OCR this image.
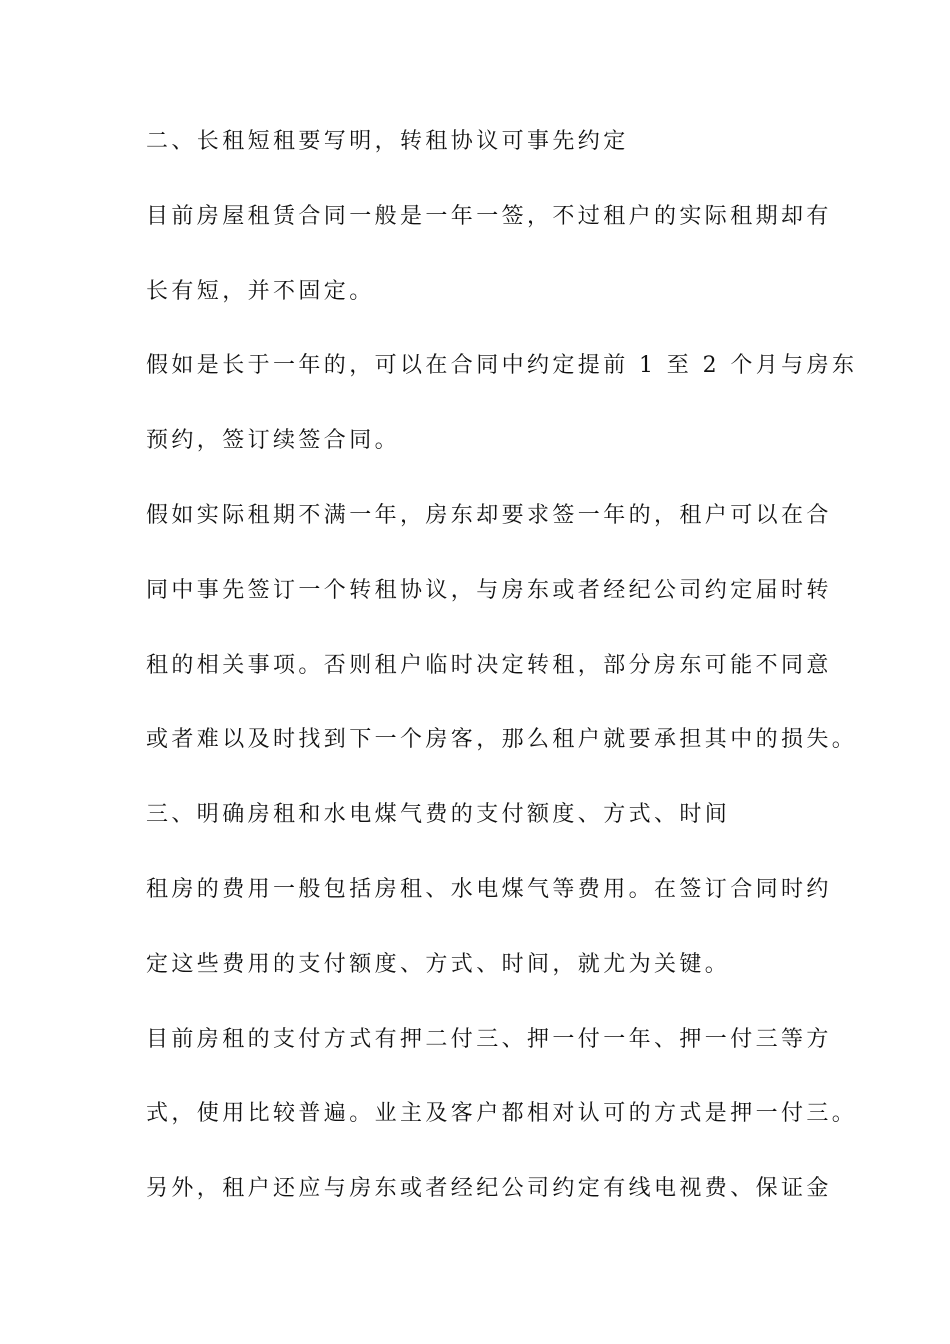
二、长租短租要写明，转租协议可事先约定
目前房屋租赁合同一般是一年一签，不过租户的实际租期却有
长有短，并不固定。
假如是长于一年的，可以在合同中约定提前 1 至 2 个月与房东
预约，签订续签合同。
假如实际租期不满一年，房东却要求签一年的，租户可以在合
同中事先签订一个转租协议，与房东或者经纪公司约定届时转
租的相关事项。否则租户临时决定转租，部分房东可能不同意
或者难以及时找到下一个房客，那么租户就要承担其中的损失。
三、明确房租和水电煤气费的支付额度、方式、时间
租房的费用一般包括房租、水电煤气等费用。在签订合同时约
定这些费用的支付额度、方式、时间，就尤为关键。
目前房租的支付方式有押二付三、押一付一年、押一付三等方
式，使用比较普遍。业主及客户都相对认可的方式是押一付三。
另外，租户还应与房东或者经纪公司约定有线电视费、保证金
